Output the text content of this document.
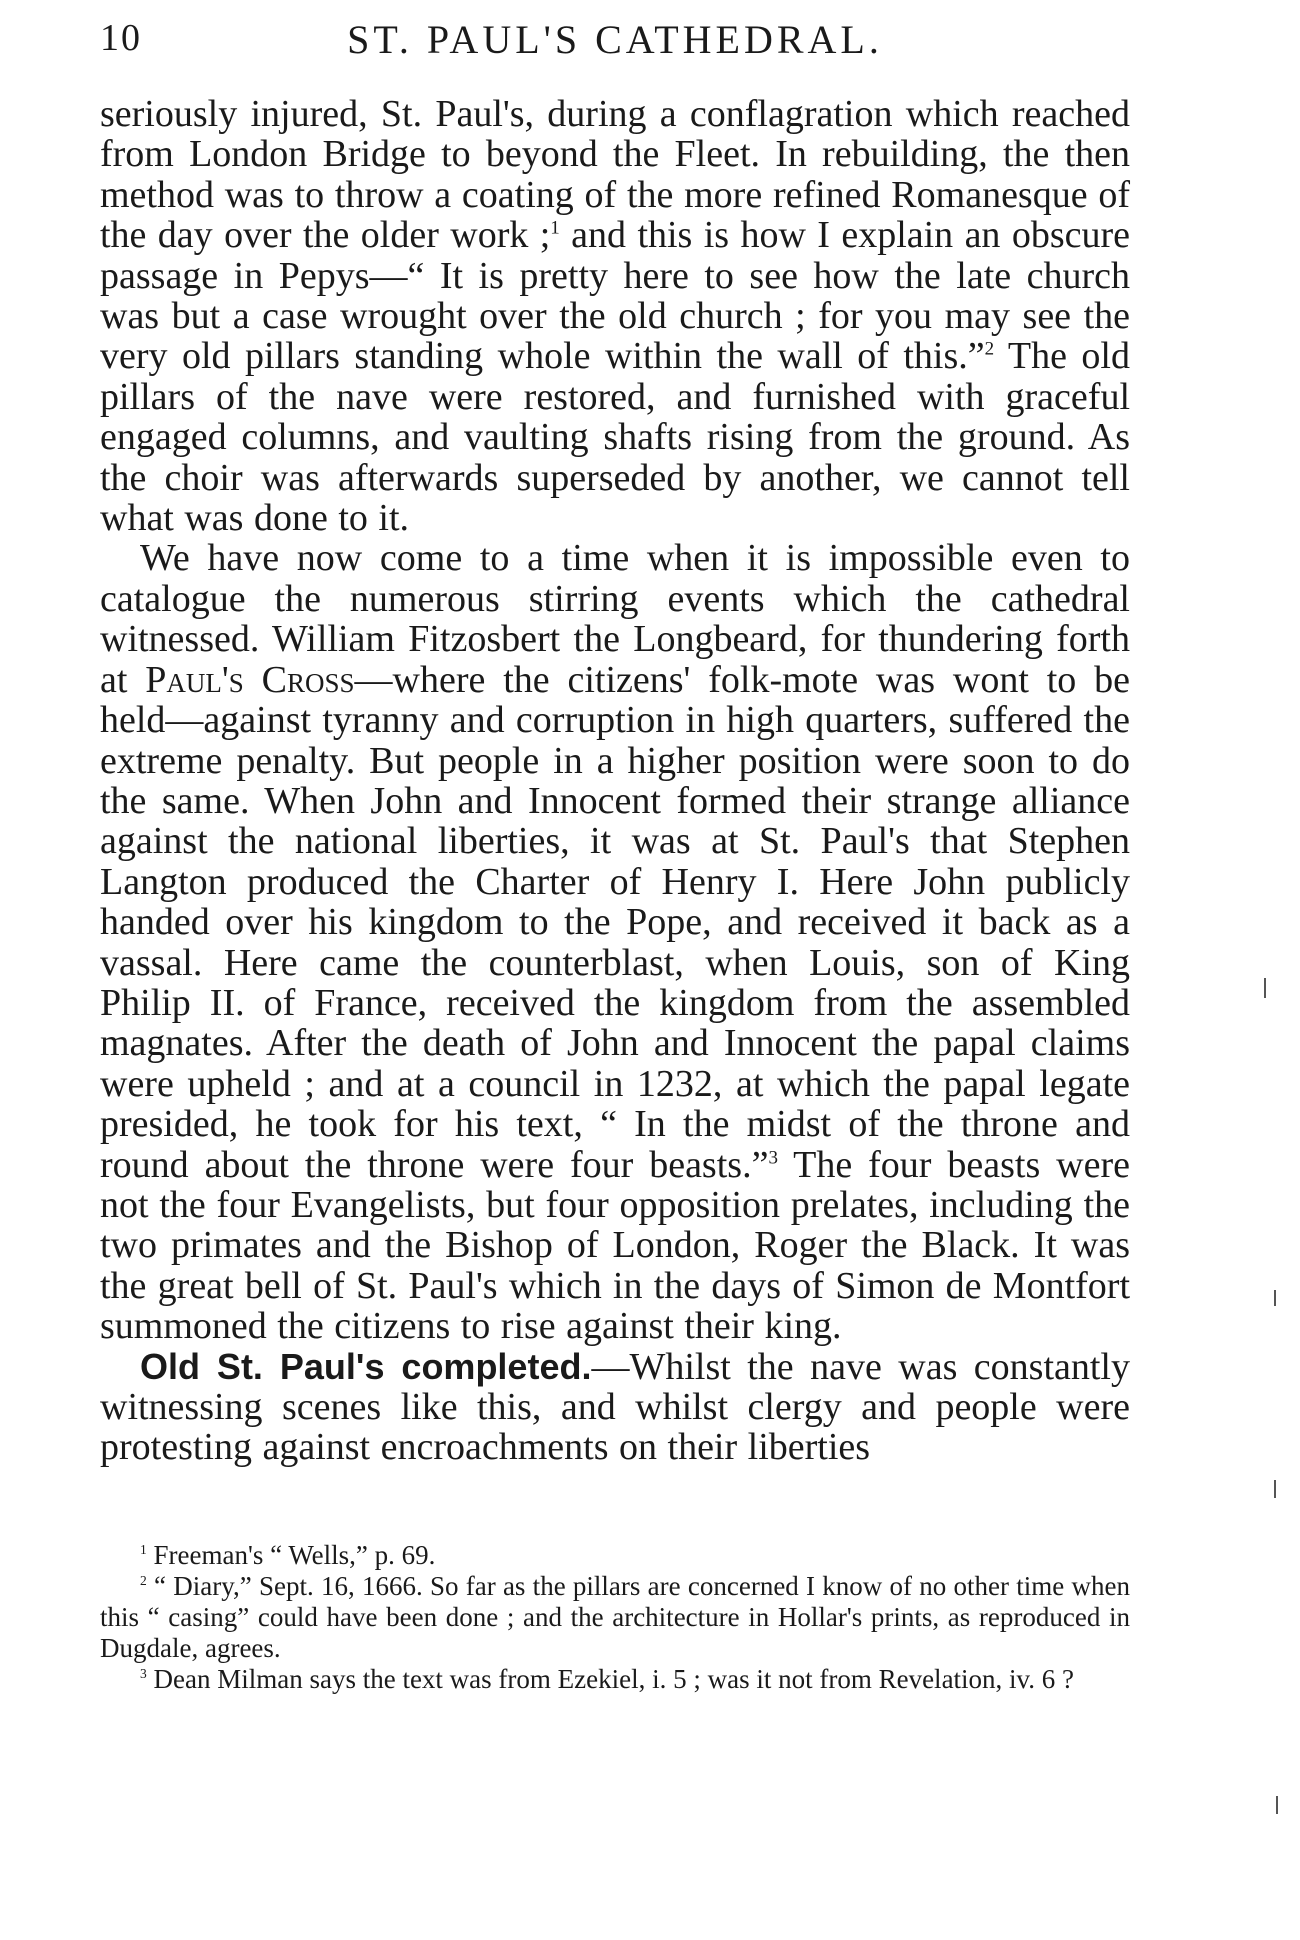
10	ST. PAUL'S CATHEDRAL.

seriously injured, St. Paul's, during a conflagration which reached from London Bridge to beyond the Fleet. In rebuilding, the then method was to throw a coating of the more refined Romanesque of the day over the older work ;$^1$ and this is how I explain an obscure passage in Pepys—“ It is pretty here to see how the late church was but a case wrought over the old church ; for you may see the very old pillars standing whole within the wall of this.”$^2$ The old pillars of the nave were restored, and furnished with graceful engaged columns, and vaulting shafts rising from the ground. As the choir was afterwards superseded by another, we cannot tell what was done to it.

We have now come to a time when it is impossible even to catalogue the numerous stirring events which the cathedral witnessed. William Fitzosbert the Longbeard, for thundering forth at Paul's Cross—where the citizens' folk-mote was wont to be held—against tyranny and corruption in high quarters, suffered the extreme penalty. But people in a higher position were soon to do the same. When John and Innocent formed their strange alliance against the national liberties, it was at St. Paul's that Stephen Langton produced the Charter of Henry I. Here John publicly handed over his kingdom to the Pope, and received it back as a vassal. Here came the counterblast, when Louis, son of King Philip II. of France, received the kingdom from the assembled magnates. After the death of John and Innocent the papal claims were upheld ; and at a council in 1232, at which the papal legate presided, he took for his text, “ In the midst of the throne and round about the throne were four beasts.”$^3$ The four beasts were not the four Evangelists, but four opposition prelates, including the two primates and the Bishop of London, Roger the Black. It was the great bell of St. Paul's which in the days of Simon de Montfort summoned the citizens to rise against their king.

Old St. Paul's completed.—Whilst the nave was constantly witnessing scenes like this, and whilst clergy and people were protesting against encroachments on their liberties

$^1$ Freeman's “ Wells,” p. 69.

$^2$ “ Diary,” Sept. 16, 1666. So far as the pillars are concerned I know of no other time when this “ casing” could have been done ; and the architecture in Hollar's prints, as reproduced in Dugdale, agrees.

$^3$ Dean Milman says the text was from Ezekiel, i. 5 ; was it not from Revelation, iv. 6 ?
